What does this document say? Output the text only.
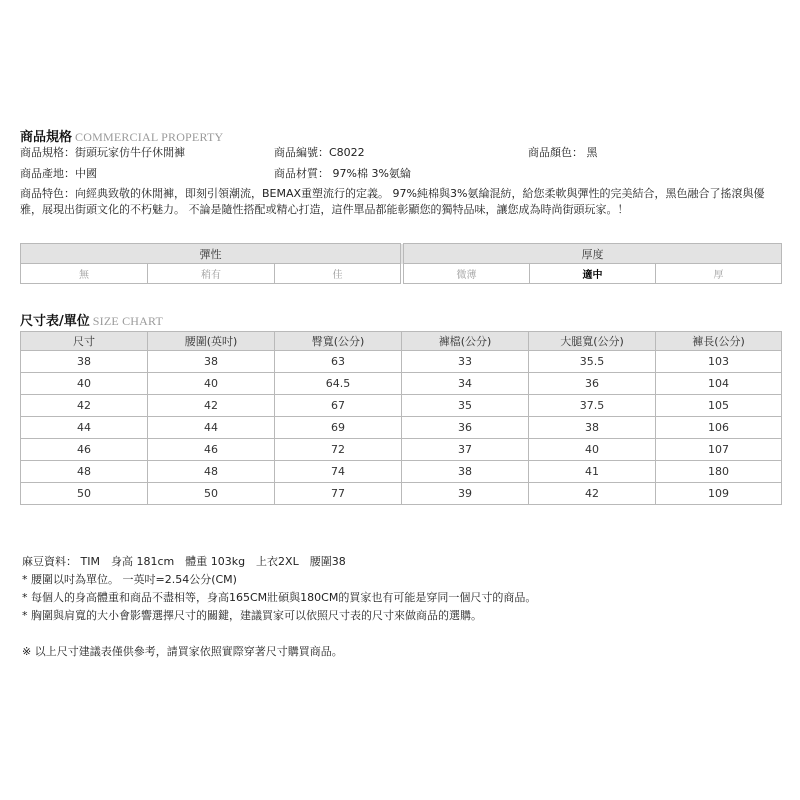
商品規格 COMMERCIAL PROPERTY
商品規格：街頭玩家仿牛仔休閒褲	商品編號：C8022	商品顏色： 黑
商品產地：中國	商品材質： 97%棉 3%氨綸
商品特色：向經典致敬的休閒褲，即刻引領潮流，BEMAX重塑流行的定義。 97%純棉與3%氨綸混紡，給您柔軟與彈性的完美結合，黑色融合了搖滾與優雅，展現出街頭文化的不朽魅力。 不論是隨性搭配或精心打造，這件單品都能彰顯您的獨特品味，讓您成為時尚街頭玩家。！
彈性				厚度		
無	稍有	佳		微薄	適中	厚
尺寸表/單位 SIZE CHART
尺寸	腰圍(英吋)	臀寬(公分)	褲檔(公分)	大腿寬(公分)	褲長(公分)
38	38	63	33	35.5	103
40	40	64.5	34	36	104
42	42	67	35	37.5	105
44	44	69	36	38	106
46	46	72	37	40	107
48	48	74	38	41	180
50	50	77	39	42	109
麻豆資料： TIM　身高 181cm　體重 103kg　上衣2XL　腰圍38
* 腰圍以吋為單位。 一英吋=2.54公分(CM)
* 每個人的身高體重和商品不盡相等，身高165CM壯碩與180CM的買家也有可能是穿同一個尺寸的商品。
* 胸圍與肩寬的大小會影響選擇尺寸的關鍵，建議買家可以依照尺寸表的尺寸來做商品的選購。
※ 以上尺寸建議表僅供參考，請買家依照實際穿著尺寸購買商品。
